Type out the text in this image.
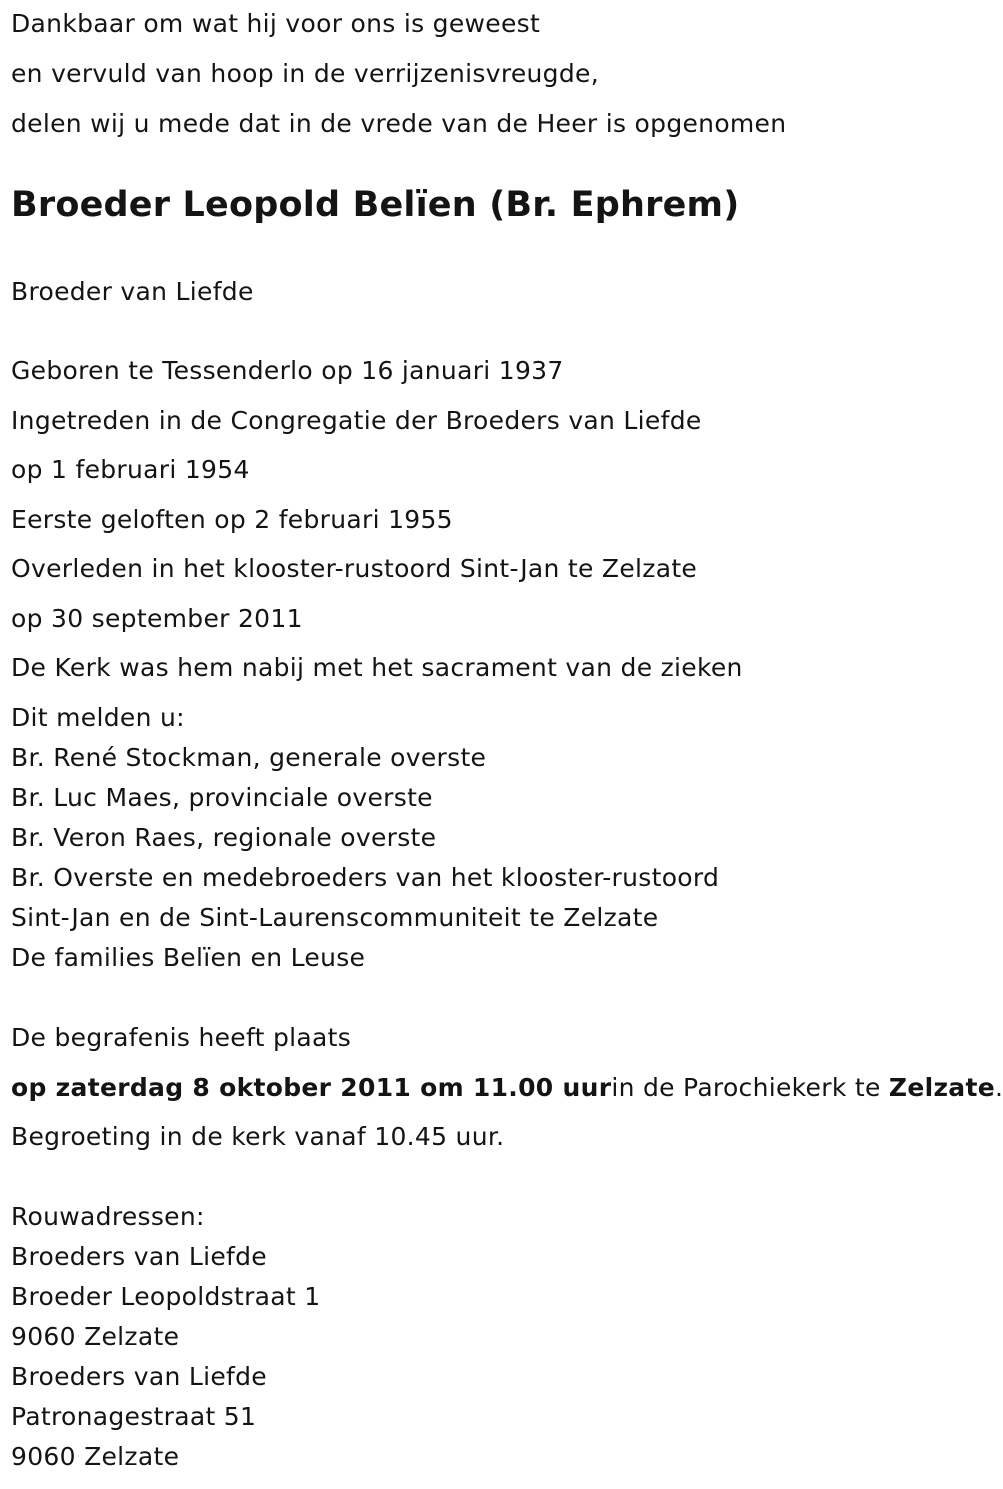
Dankbaar om wat hij voor ons is geweest
en vervuld van hoop in de verrijzenisvreugde,
delen wij u mede dat in de vrede van de Heer is opgenomen
Broeder Leopold Belïen (Br. Ephrem)
Broeder van Liefde
Geboren te Tessenderlo op 16 januari 1937
Ingetreden in de Congregatie der Broeders van Liefde
op 1 februari 1954
Eerste geloften op 2 februari 1955
Overleden in het klooster-rustoord Sint-Jan te Zelzate
op 30 september 2011
De Kerk was hem nabij met het sacrament van de zieken
Dit melden u:
Br. René Stockman, generale overste
Br. Luc Maes, provinciale overste
Br. Veron Raes, regionale overste
Br. Overste en medebroeders van het klooster-rustoord
Sint-Jan en de Sint-Laurenscommuniteit te Zelzate
De families Belïen en Leuse
De begrafenis heeft plaats
op zaterdag 8 oktober 2011 om 11.00 uurin de Parochiekerk te Zelzate.
Begroeting in de kerk vanaf 10.45 uur.
Rouwadressen:
Broeders van Liefde
Broeder Leopoldstraat 1
9060 Zelzate
Broeders van Liefde
Patronagestraat 51
9060 Zelzate
